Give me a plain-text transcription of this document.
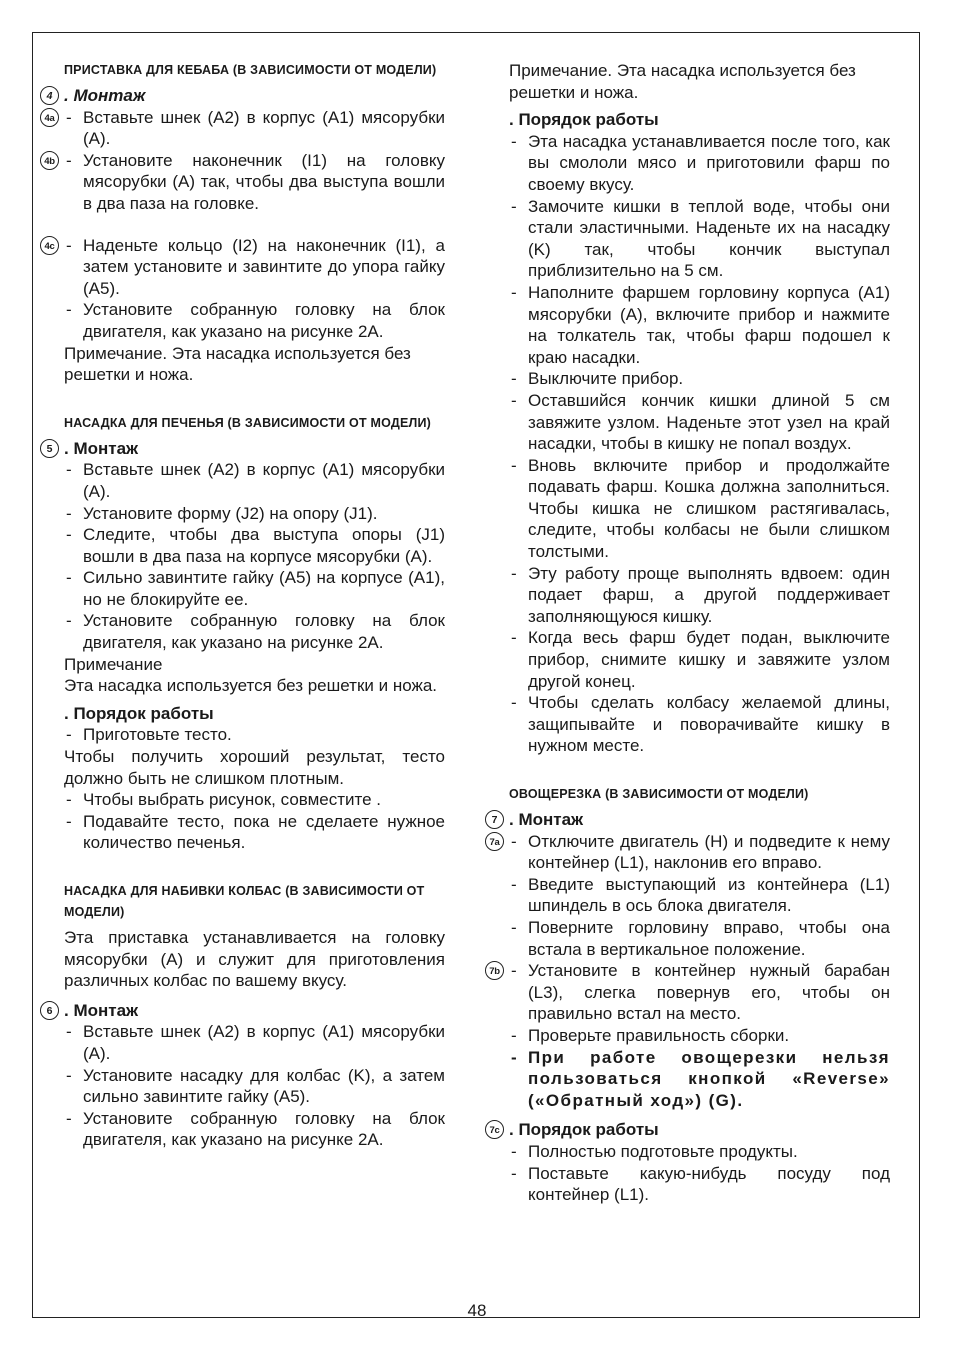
ПРИСТАВКА ДЛЯ КЕБАБА (В ЗАВИСИМОСТИ ОТ МОДЕЛИ)
4 . Монтаж
- 4a Вставьте шнек (A2) в корпус (A1) мясорубки (A).
- 4b Установите наконечник (I1) на головку мясорубки (A) так, чтобы два выступа вошли в два паза на головке.
- 4c Наденьте кольцо (I2) на наконечник (I1), а затем установите и завинтите до упора гайку (A5).
- Установите собранную головку на блок двигателя, как указано на рисунке 2A.
Примечание. Эта насадка используется без решетки и ножа.
НАСАДКА ДЛЯ ПЕЧЕНЬЯ (В ЗАВИСИМОСТИ ОТ МОДЕЛИ)
5 . Монтаж
- Вставьте шнек (A2) в корпус (A1) мясорубки (A).
- Установите форму (J2) на опору (J1).
- Следите, чтобы два выступа опоры (J1) вошли в два паза на корпусе мясорубки (A).
- Сильно завинтите гайку (A5) на корпусе (A1), но не блокируйте ее.
- Установите собранную головку на блок двигателя, как указано на рисунке 2A.
Примечание
Эта насадка используется без решетки и ножа.
. Порядок работы
- Приготовьте тесто.
Чтобы получить хороший результат, тесто должно быть не слишком плотным.
- Чтобы выбрать рисунок, совместите .
- Подавайте тесто, пока не сделаете нужное количество печенья.
НАСАДКА ДЛЯ НАБИВКИ КОЛБАС (В ЗАВИСИМОСТИ ОТ МОДЕЛИ)
Эта приставка устанавливается на головку мясорубки (A) и служит для приготовления различных колбас по вашему вкусу.
6 . Монтаж
- Вставьте шнек (A2) в корпус (A1) мясорубки (A).
- Установите насадку для колбас (K), а затем сильно завинтите гайку (A5).
- Установите собранную головку на блок двигателя, как указано на рисунке 2A.
Примечание. Эта насадка используется без решетки и ножа.
. Порядок работы
- Эта насадка устанавливается после того, как вы смололи мясо и приготовили фарш по своему вкусу.
- Замочите кишки в теплой воде, чтобы они стали эластичными. Наденьте их на насадку (K) так, чтобы кончик выступал приблизительно на 5 см.
- Наполните фаршем горловину корпуса (A1) мясорубки (A), включите прибор и нажмите на толкатель так, чтобы фарш подошел к краю насадки.
- Выключите прибор.
- Оставшийся кончик кишки длиной 5 см завяжите узлом. Наденьте этот узел на край насадки, чтобы в кишку не попал воздух.
- Вновь включите прибор и продолжайте подавать фарш. Кошка должна заполниться. Чтобы кишка не слишком растягивалась, следите, чтобы колбасы не были слишком толстыми.
- Эту работу проще выполнять вдвоем: один подает фарш, а другой поддерживает заполняющуюся кишку.
- Когда весь фарш будет подан, выключите прибор, снимите кишку и завяжите узлом другой конец.
- Чтобы сделать колбасу желаемой длины, защипывайте и поворачивайте кишку в нужном месте.
ОВОЩЕРЕЗКА (В ЗАВИСИМОСТИ ОТ МОДЕЛИ)
7 . Монтаж
- 7a Отключите двигатель (H) и подведите к нему контейнер (L1), наклонив его вправо.
- Введите выступающий из контейнера (L1) шпиндель в ось блока двигателя.
- Поверните горловину вправо, чтобы она встала в вертикальное положение.
- 7b Установите в контейнер нужный барабан (L3), слегка повернув его, чтобы он правильно встал на место.
- Проверьте правильность сборки.
- При работе овощерезки нельзя пользоваться кнопкой «Reverse» («Обратный ход») (G).
7c . Порядок работы
- Полностью подготовьте продукты.
- Поставьте какую-нибудь посуду под контейнер (L1).
48
